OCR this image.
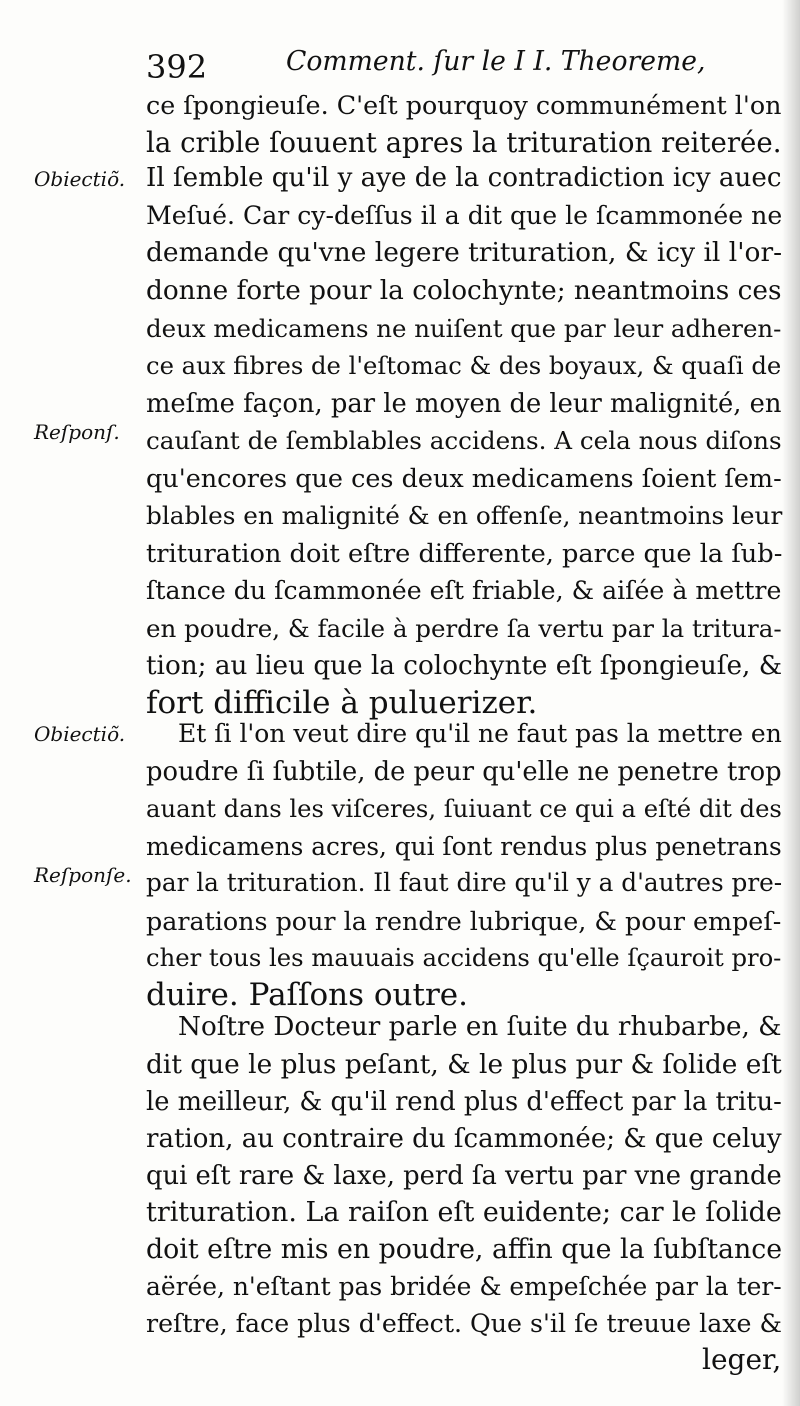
392	Comment. ſur le I I. Theoreme,
Obiectiõ.
Reſponſ.
Obiectiõ.
Reſponſe.
ce ſpongieuſe. C'eſt pourquoy communément l'on
la crible ſouuent apres la trituration reiterée.
Il ſemble qu'il y aye de la contradiction icy auec
Meſué. Car cy-deſſus il a dit que le ſcammonée ne
demande qu'vne legere trituration, & icy il l'or-
donne forte pour la colochynte; neantmoins ces
deux medicamens ne nuiſent que par leur adheren-
ce aux fibres de l'eſtomac & des boyaux, & quaſi de
meſme façon, par le moyen de leur malignité, en
cauſant de ſemblables accidens. A cela nous diſons
qu'encores que ces deux medicamens ſoient ſem-
blables en malignité & en offenſe, neantmoins leur
trituration doit eſtre differente, parce que la ſub-
ſtance du ſcammonée eſt friable, & aiſée à mettre
en poudre, & facile à perdre ſa vertu par la tritura-
tion; au lieu que la colochynte eſt ſpongieuſe, &
fort difficile à puluerizer.
Et ſi l'on veut dire qu'il ne faut pas la mettre en
poudre ſi ſubtile, de peur qu'elle ne penetre trop
auant dans les viſceres, ſuiuant ce qui a eſté dit des
medicamens acres, qui ſont rendus plus penetrans
par la trituration. Il faut dire qu'il y a d'autres pre-
parations pour la rendre lubrique, & pour empeſ-
cher tous les mauuais accidens qu'elle ſçauroit pro-
duire. Paſſons outre.
Noſtre Docteur parle en ſuite du rhubarbe, &
dit que le plus peſant, & le plus pur & ſolide eſt
le meilleur, & qu'il rend plus d'effect par la tritu-
ration, au contraire du ſcammonée; & que celuy
qui eſt rare & laxe, perd ſa vertu par vne grande
trituration. La raiſon eſt euidente; car le ſolide
doit eſtre mis en poudre, affin que la ſubſtance
aërée, n'eſtant pas bridée & empeſchée par la ter-
reſtre, face plus d'effect. Que s'il ſe treuue laxe &
leger,
